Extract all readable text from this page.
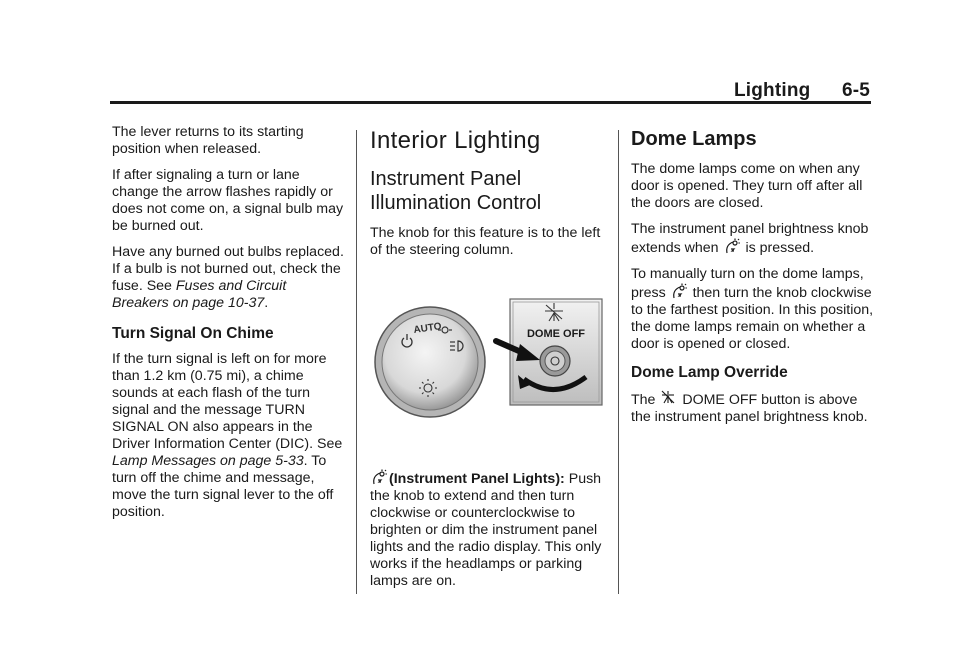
Lighting 6-5

The lever returns to its starting position when released.

If after signaling a turn or lane change the arrow flashes rapidly or does not come on, a signal bulb may be burned out.

Have any burned out bulbs replaced. If a bulb is not burned out, check the fuse. See Fuses and Circuit Breakers on page 10-37.

Turn Signal On Chime

If the turn signal is left on for more than 1.2 km (0.75 mi), a chime sounds at each flash of the turn signal and the message TURN SIGNAL ON also appears in the Driver Information Center (DIC). See Lamp Messages on page 5-33. To turn off the chime and message, move the turn signal lever to the off position.

Interior Lighting
Instrument Panel Illumination Control

The knob for this feature is to the left of the steering column.

AUTO	DOME OFF

(Instrument Panel Lights): Push the knob to extend and then turn clockwise or counterclockwise to brighten or dim the instrument panel lights and the radio display. This only works if the headlamps or parking lamps are on.

Dome Lamps

The dome lamps come on when any door is opened. They turn off after all the doors are closed.

The instrument panel brightness knob extends when  is pressed.

To manually turn on the dome lamps, press  then turn the knob clockwise to the farthest position. In this position, the dome lamps remain on whether a door is opened or closed.

Dome Lamp Override

The  DOME OFF button is above the instrument panel brightness knob.
